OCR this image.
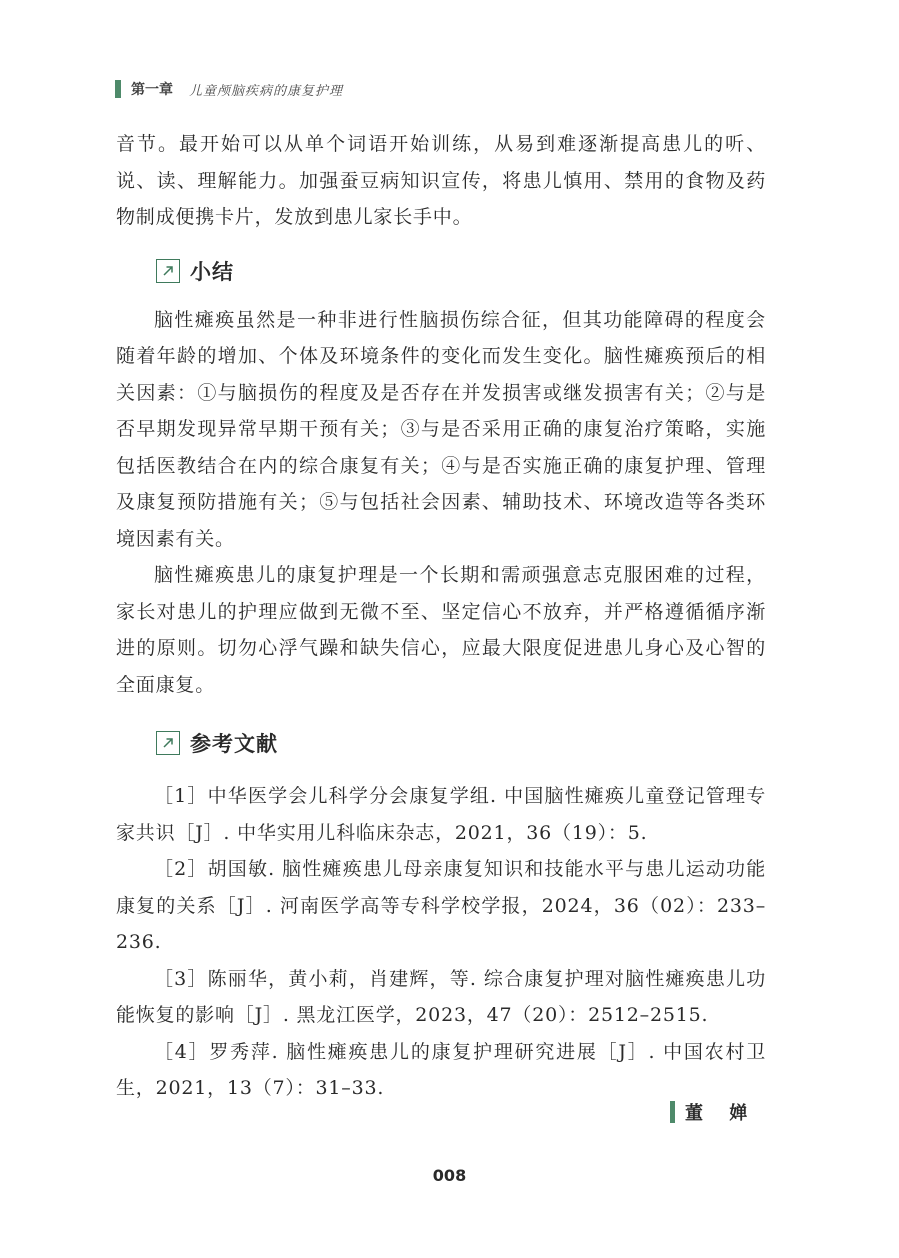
第一章 儿童颅脑疾病的康复护理

音节。最开始可以从单个词语开始训练，从易到难逐渐提高患儿的听、说、读、理解能力。加强蚕豆病知识宣传，将患儿慎用、禁用的食物及药物制成便携卡片，发放到患儿家长手中。

小结

脑性瘫痪虽然是一种非进行性脑损伤综合征，但其功能障碍的程度会随着年龄的增加、个体及环境条件的变化而发生变化。脑性瘫痪预后的相关因素：①与脑损伤的程度及是否存在并发损害或继发损害有关；②与是否早期发现异常早期干预有关；③与是否采用正确的康复治疗策略，实施包括医教结合在内的综合康复有关；④与是否实施正确的康复护理、管理及康复预防措施有关；⑤与包括社会因素、辅助技术、环境改造等各类环境因素有关。

脑性瘫痪患儿的康复护理是一个长期和需顽强意志克服困难的过程，家长对患儿的护理应做到无微不至、坚定信心不放弃，并严格遵循循序渐进的原则。切勿心浮气躁和缺失信心，应最大限度促进患儿身心及心智的全面康复。

参考文献

［1］中华医学会儿科学分会康复学组. 中国脑性瘫痪儿童登记管理专家共识［J］. 中华实用儿科临床杂志，2021，36（19）：5.

［2］胡国敏. 脑性瘫痪患儿母亲康复知识和技能水平与患儿运动功能康复的关系［J］. 河南医学高等专科学校学报，2024，36（02）：233–236.

［3］陈丽华，黄小莉，肖建辉，等. 综合康复护理对脑性瘫痪患儿功能恢复的影响［J］. 黑龙江医学，2023，47（20）：2512–2515.

［4］罗秀萍. 脑性瘫痪患儿的康复护理研究进展［J］. 中国农村卫生，2021，13（7）：31–33.

董 婵
008
